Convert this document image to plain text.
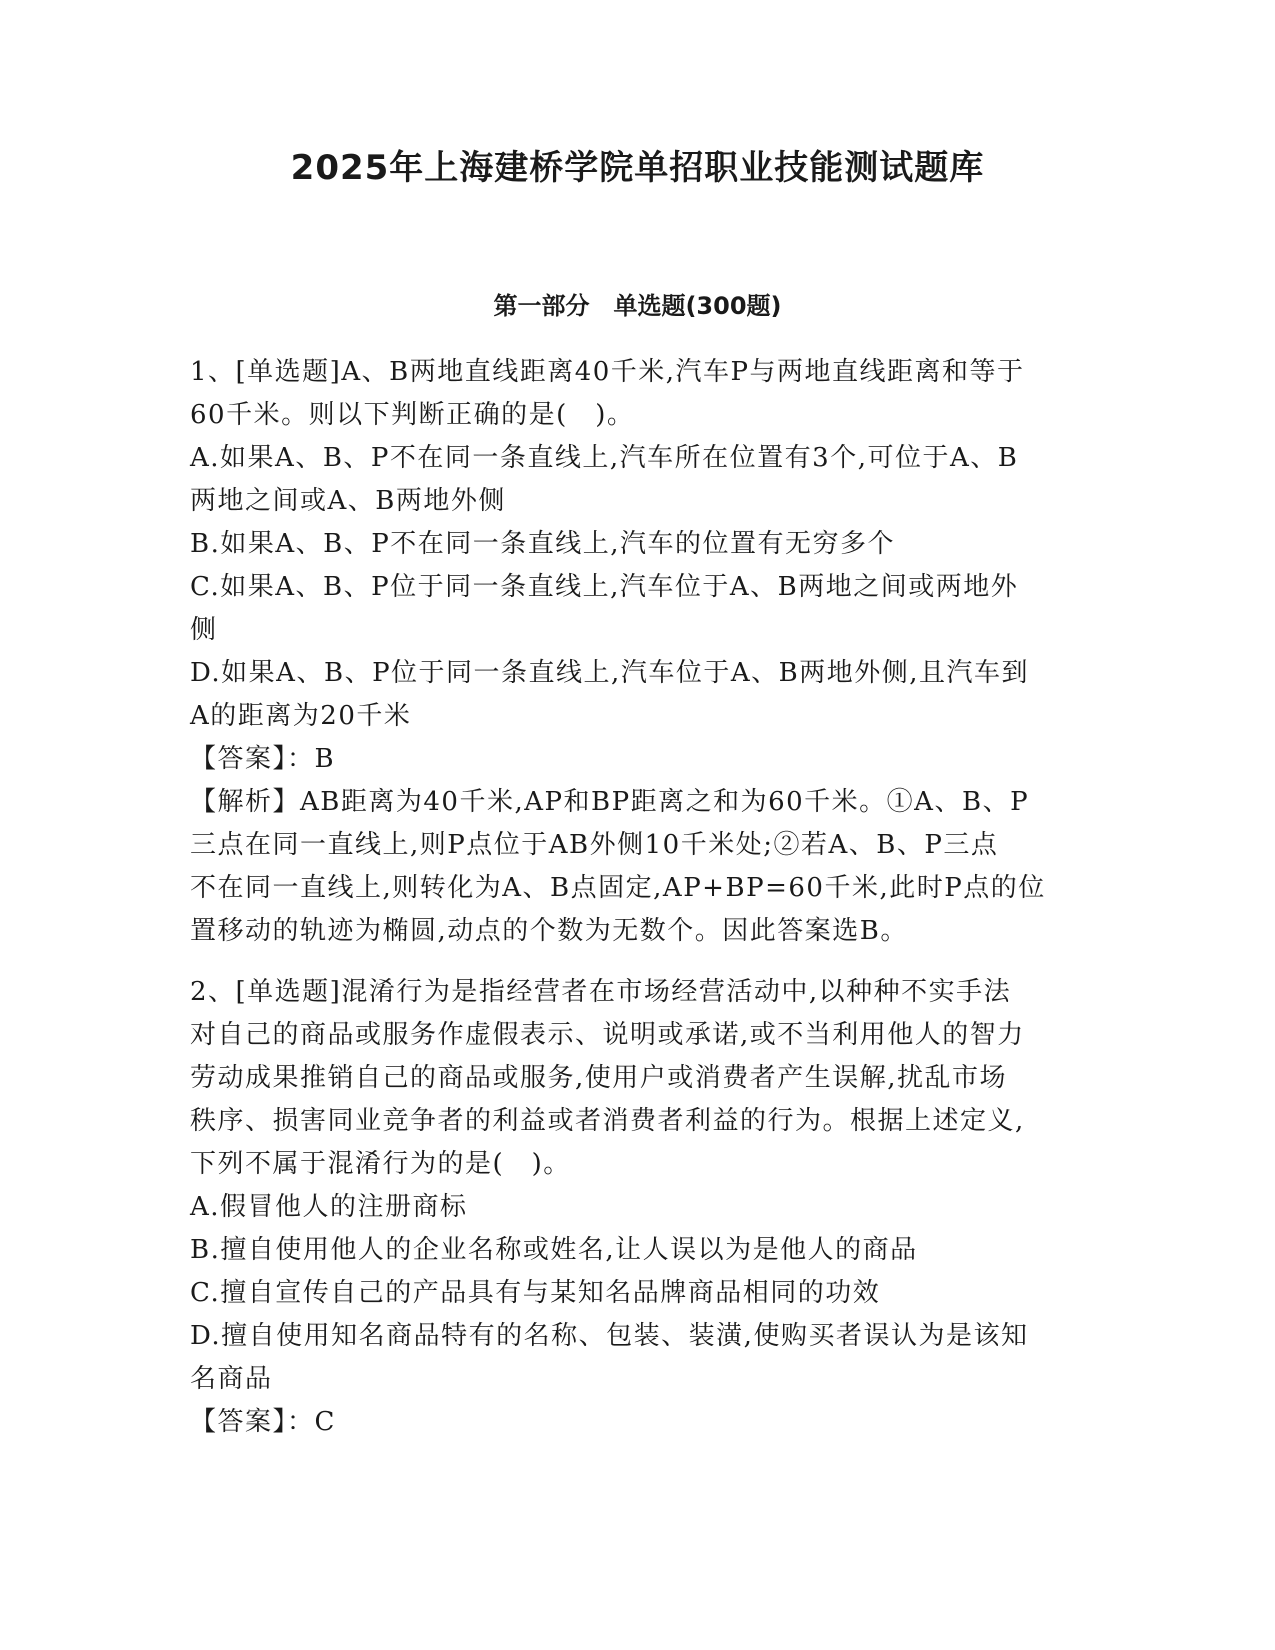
2025年上海建桥学院单招职业技能测试题库
第一部分　单选题(300题)
1、[单选题]A、B两地直线距离40千米,汽车P与两地直线距离和等于
60千米。则以下判断正确的是(　)。
A.如果A、B、P不在同一条直线上,汽车所在位置有3个,可位于A、B
两地之间或A、B两地外侧
B.如果A、B、P不在同一条直线上,汽车的位置有无穷多个
C.如果A、B、P位于同一条直线上,汽车位于A、B两地之间或两地外
侧
D.如果A、B、P位于同一条直线上,汽车位于A、B两地外侧,且汽车到
A的距离为20千米
【答案】：B
【解析】AB距离为40千米,AP和BP距离之和为60千米。①A、B、P
三点在同一直线上,则P点位于AB外侧10千米处;②若A、B、P三点
不在同一直线上,则转化为A、B点固定,AP+BP=60千米,此时P点的位
置移动的轨迹为椭圆,动点的个数为无数个。因此答案选B。
2、[单选题]混淆行为是指经营者在市场经营活动中,以种种不实手法
对自己的商品或服务作虚假表示、说明或承诺,或不当利用他人的智力
劳动成果推销自己的商品或服务,使用户或消费者产生误解,扰乱市场
秩序、损害同业竞争者的利益或者消费者利益的行为。根据上述定义,
下列不属于混淆行为的是(　)。
A.假冒他人的注册商标
B.擅自使用他人的企业名称或姓名,让人误以为是他人的商品
C.擅自宣传自己的产品具有与某知名品牌商品相同的功效
D.擅自使用知名商品特有的名称、包装、装潢,使购买者误认为是该知
名商品
【答案】：C
